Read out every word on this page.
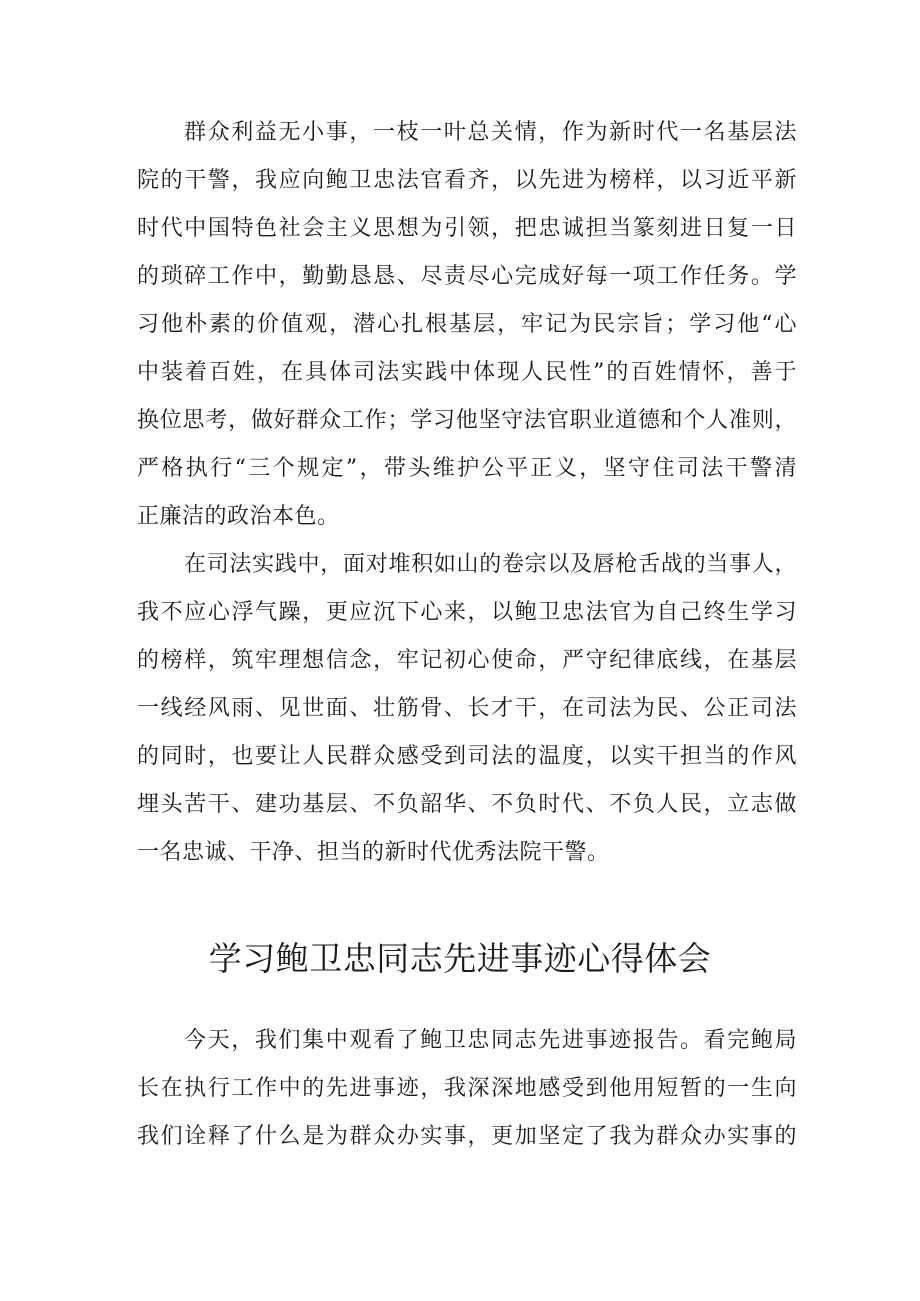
群众利益无小事，一枝一叶总关情，作为新时代一名基层法
院的干警，我应向鲍卫忠法官看齐，以先进为榜样，以习近平新
时代中国特色社会主义思想为引领，把忠诚担当篆刻进日复一日
的琐碎工作中，勤勤恳恳、尽责尽心完成好每一项工作任务。学
习他朴素的价值观，潜心扎根基层，牢记为民宗旨；学习他“心
中装着百姓，在具体司法实践中体现人民性”的百姓情怀，善于
换位思考，做好群众工作；学习他坚守法官职业道德和个人准则，
严格执行“三个规定”，带头维护公平正义，坚守住司法干警清
正廉洁的政治本色。
在司法实践中，面对堆积如山的卷宗以及唇枪舌战的当事人，
我不应心浮气躁，更应沉下心来，以鲍卫忠法官为自己终生学习
的榜样，筑牢理想信念，牢记初心使命，严守纪律底线，在基层
一线经风雨、见世面、壮筋骨、长才干，在司法为民、公正司法
的同时，也要让人民群众感受到司法的温度，以实干担当的作风
埋头苦干、建功基层、不负韶华、不负时代、不负人民，立志做
一名忠诚、干净、担当的新时代优秀法院干警。
学习鲍卫忠同志先进事迹心得体会
今天，我们集中观看了鲍卫忠同志先进事迹报告。看完鲍局
长在执行工作中的先进事迹，我深深地感受到他用短暂的一生向
我们诠释了什么是为群众办实事，更加坚定了我为群众办实事的
